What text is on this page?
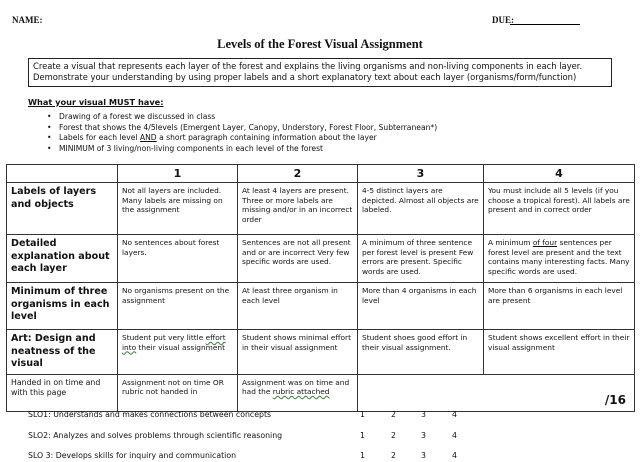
NAME:	DUE:
Levels of the Forest Visual Assignment
Create a visual that represents each layer of the forest and explains the living organisms and non-living components in each layer.
Demonstrate your understanding by using proper labels and a short explanatory text about each layer (organisms/form/function)
What your visual MUST have:
• Drawing of a forest we discussed in class
• Forest that shows the 4/5levels (Emergent Layer, Canopy, Understory, Forest Floor, Subterranean*)
• Labels for each level AND a short paragraph containing information about the layer
• MINIMUM of 3 living/non-living components in each level of the forest
	1	2	3	4
Labels of layers and objects	Not all layers are included. Many labels are missing on the assignment	At least 4 layers are present. Three or more labels are missing and/or in an incorrect order	4-5 distinct layers are depicted. Almost all objects are labeled.	You must include all 5 levels (if you choose a tropical forest). All labels are present and in correct order
Detailed explanation about each layer	No sentences about forest layers.	Sentences are not all present and or are incorrect Very few specific words are used.	A minimum of three sentence per forest level is present Few errors are present. Specific words are used.	A minimum of four sentences per forest level are present and the text contains many interesting facts. Many specific words are used.
Minimum of three organisms in each level	No organisms present on the assignment	At least three organism in each level	More than 4 organisms in each level	More than 6 organisms in each level are present
Art: Design and neatness of the visual	Student put very little effort into their visual assignment	Student shows minimal effort in their visual assignment	Student shoes good effort in their visual assignment.	Student shows excellent effort in their visual assignment
Handed in on time and with this page	Assignment not on time OR rubric not handed in	Assignment was on time and had the rubric attached	/16	
SLO1: Understands and makes connections between concepts	1	2	3	4
SLO2: Analyzes and solves problems through scientific reasoning	1	2	3	4
SLO 3: Develops skills for inquiry and communication	1	2	3	4
